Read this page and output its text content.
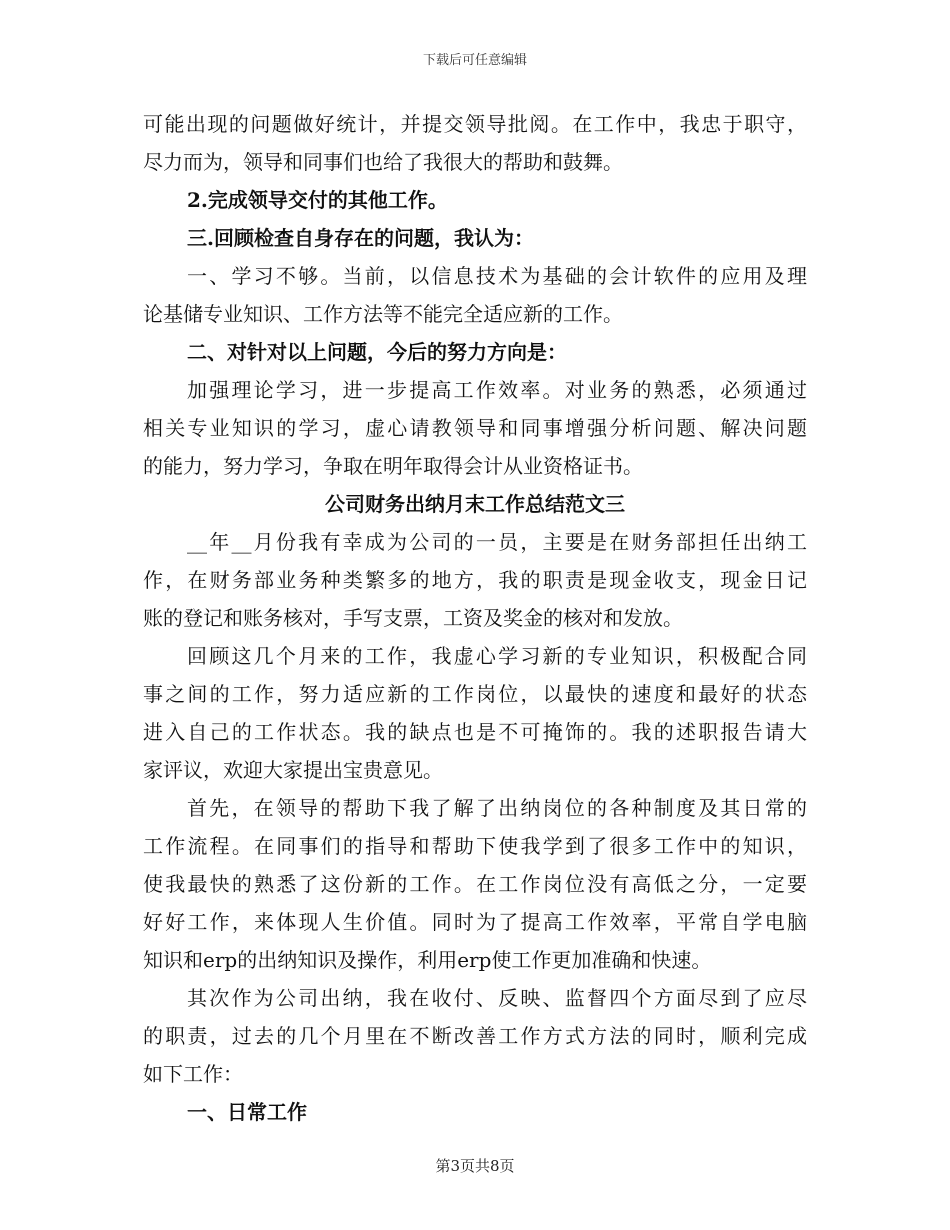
下载后可任意编辑
可能出现的问题做好统计，并提交领导批阅。在工作中，我忠于职守，
尽力而为，领导和同事们也给了我很大的帮助和鼓舞。
2.完成领导交付的其他工作。
三.回顾检查自身存在的问题，我认为：
一、学习不够。当前，以信息技术为基础的会计软件的应用及理
论基储专业知识、工作方法等不能完全适应新的工作。
二、对针对以上问题，今后的努力方向是：
加强理论学习，进一步提高工作效率。对业务的熟悉，必须通过
相关专业知识的学习，虚心请教领导和同事增强分析问题、解决问题
的能力，努力学习，争取在明年取得会计从业资格证书。
公司财务出纳月末工作总结范文三
__年__月份我有幸成为公司的一员，主要是在财务部担任出纳工
作，在财务部业务种类繁多的地方，我的职责是现金收支，现金日记
账的登记和账务核对，手写支票，工资及奖金的核对和发放。
回顾这几个月来的工作，我虚心学习新的专业知识，积极配合同
事之间的工作，努力适应新的工作岗位，以最快的速度和最好的状态
进入自己的工作状态。我的缺点也是不可掩饰的。我的述职报告请大
家评议，欢迎大家提出宝贵意见。
首先，在领导的帮助下我了解了出纳岗位的各种制度及其日常的
工作流程。在同事们的指导和帮助下使我学到了很多工作中的知识，
使我最快的熟悉了这份新的工作。在工作岗位没有高低之分，一定要
好好工作，来体现人生价值。同时为了提高工作效率，平常自学电脑
知识和erp的出纳知识及操作，利用erp使工作更加准确和快速。
其次作为公司出纳，我在收付、反映、监督四个方面尽到了应尽
的职责，过去的几个月里在不断改善工作方式方法的同时，顺利完成
如下工作：
一、日常工作
第3页共8页
